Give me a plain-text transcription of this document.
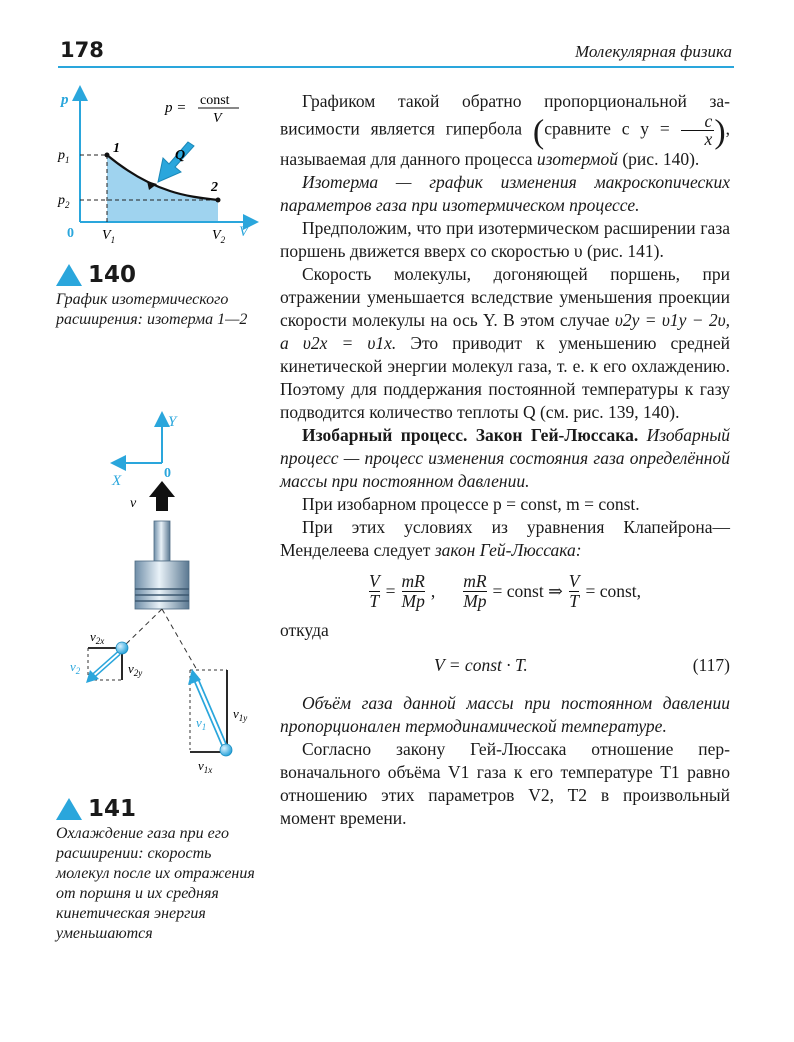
178	Молекулярная физика
p
V
0
$p_1$
$p_2$
$V_1$	$V_2$
1
2
Q
p = const
V
140
График изотермического расширения: изотерма 1—2
Y
X	0
v
$v_{2x}$
$v_{2y}$
$v_2$
$v_{1y}$
$v_{1x}$
$v_1$
141
Охлаждение газа при его расширении: скорость молекул после их отражения от поршня и их средняя кинетическая энергия уменьшаются

Графиком такой обратно пропорциональной зависимости является гипербола (сравните с $y = \frac{c}{x}$ ), называемая для данного процесса изотермой (рис. 140).

Изотерма — график изменения макроскопических параметров газа при изотермическом процессе.

Предположим, что при изотермическом расширении газа поршень движется вверх со скоростью υ (рис. 141).

Скорость молекулы, догоняющей поршень, при отражении уменьшается вследствие уменьшения проекции скорости молекулы на ось Y. В этом случае υ2y = υ1y − 2υ, а υ2x = υ1x. Это приводит к уменьшению средней кинетической энергии молекул газа, т. е. к его охлаждению. Поэтому для поддержания постоянной температуры к газу подводится количество теплоты Q (см. рис. 139, 140).

Изобарный процесс. Закон Гей-Люссака. Изобарный процесс — процесс изменения состояния газа определённой массы при постоянном давлении.

При изобарном процессе p = const, m = const.

При этих условиях из уравнения Клапейрона—Менделеева следует закон Гей-Люссака:

$\frac{V}{T} = \frac{mR}{Mp}$ , $\frac{mR}{Mp}$ = const ⇒ $\frac{V}{T}$ = const,

откуда

V = const · T.	(117)

Объём газа данной массы при постоянном давлении пропорционален термодинамической температуре.

Согласно закону Гей-Люссака отношение первоначального объёма V1 газа к его температуре T1 равно отношению этих параметров V2, T2 в произвольный момент времени.
